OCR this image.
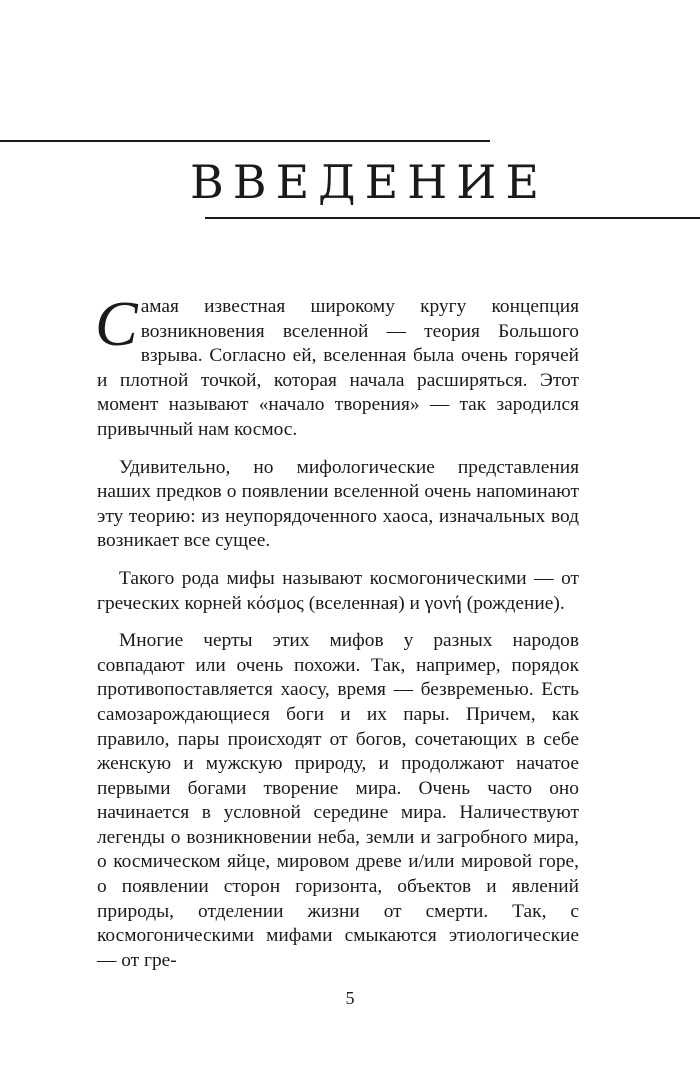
ВВЕДЕНИЕ

Самая известная широкому кругу концепция возникновения вселенной — теория Большого взрыва. Согласно ей, вселенная была очень горячей и плотной точкой, которая начала расширяться. Этот момент называют «начало творения» — так зародился привычный нам космос.

Удивительно, но мифологические представления наших предков о появлении вселенной очень напоминают эту теорию: из неупорядоченного хаоса, изначальных вод возникает все сущее.

Такого рода мифы называют космогоническими — от греческих корней κόσμος (вселенная) и γονή (рождение).

Многие черты этих мифов у разных народов совпадают или очень похожи. Так, например, порядок противопоставляется хаосу, время — безвременью. Есть самозарождающиеся боги и их пары. Причем, как правило, пары происходят от богов, сочетающих в себе женскую и мужскую природу, и продолжают начатое первыми богами творение мира. Очень часто оно начинается в условной середине мира. Наличествуют легенды о возникновении неба, земли и загробного мира, о космическом яйце, мировом древе и/или мировой горе, о появлении сторон горизонта, объектов и явлений природы, отделении жизни от смерти. Так, с космогоническими мифами смыкаются этиологические — от гре-

5
